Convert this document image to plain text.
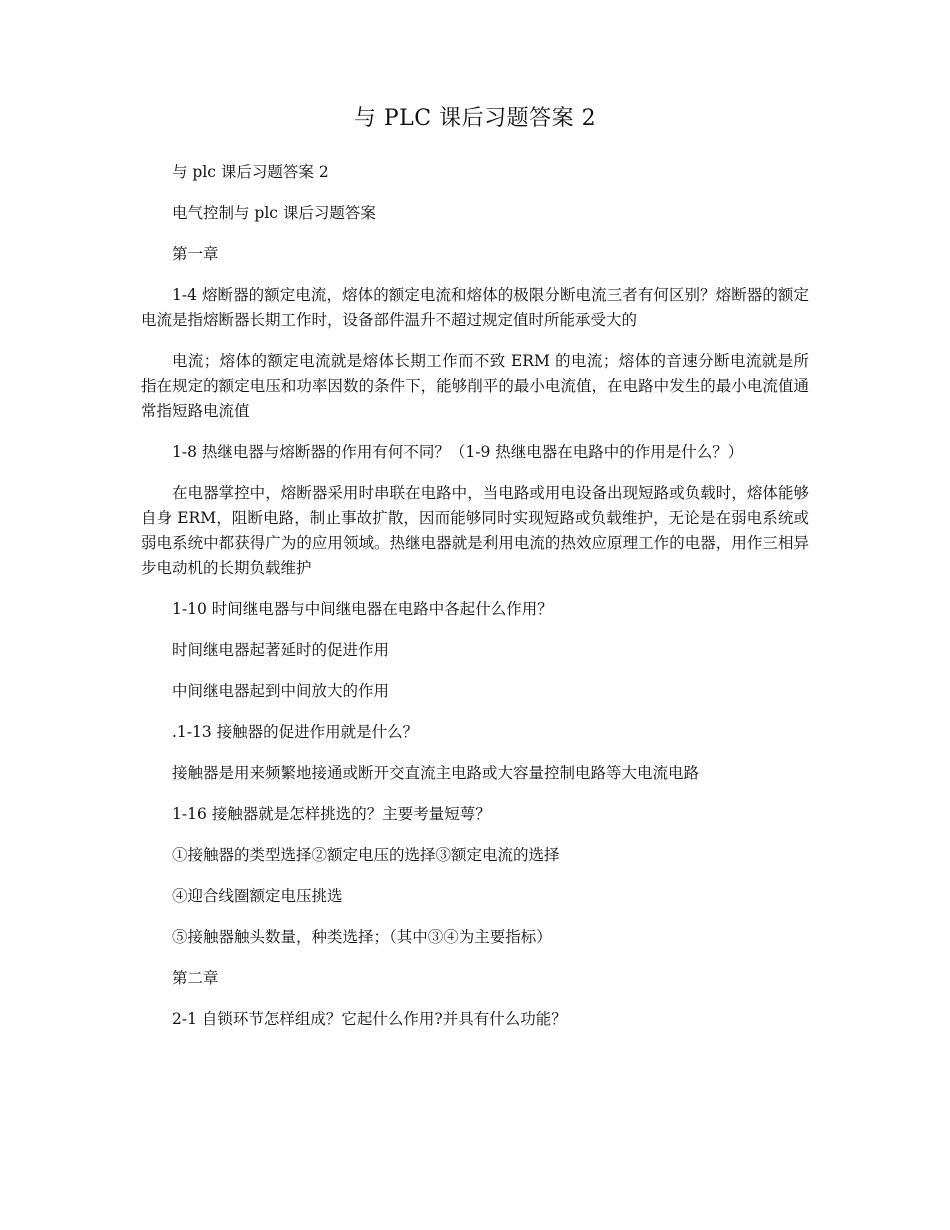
与 PLC 课后习题答案 2

与 plc 课后习题答案 2

电气控制与 plc 课后习题答案

第一章

1-4 熔断器的额定电流，熔体的额定电流和熔体的极限分断电流三者有何区别？熔断器的额定电流是指熔断器长期工作时，设备部件温升不超过规定值时所能承受大的

电流；熔体的额定电流就是熔体长期工作而不致 ERM 的电流；熔体的音速分断电流就是所指在规定的额定电压和功率因数的条件下，能够削平的最小电流值，在电路中发生的最小电流值通常指短路电流值

1-8 热继电器与熔断器的作用有何不同？（1-9 热继电器在电路中的作用是什么？）

在电器掌控中，熔断器采用时串联在电路中，当电路或用电设备出现短路或负载时，熔体能够自身 ERM，阻断电路，制止事故扩散，因而能够同时实现短路或负载维护，无论是在弱电系统或弱电系统中都获得广为的应用领域。热继电器就是利用电流的热效应原理工作的电器，用作三相异步电动机的长期负载维护

1-10 时间继电器与中间继电器在电路中各起什么作用？

时间继电器起著延时的促进作用

中间继电器起到中间放大的作用

.1-13 接触器的促进作用就是什么？

接触器是用来频繁地接通或断开交直流主电路或大容量控制电路等大电流电路

1-16 接触器就是怎样挑选的？主要考量短萼？

①接触器的类型选择②额定电压的选择③额定电流的选择

④迎合线圈额定电压挑选

⑤接触器触头数量，种类选择；（其中③④为主要指标）

第二章

2-1 自锁环节怎样组成？它起什么作用?并具有什么功能？
